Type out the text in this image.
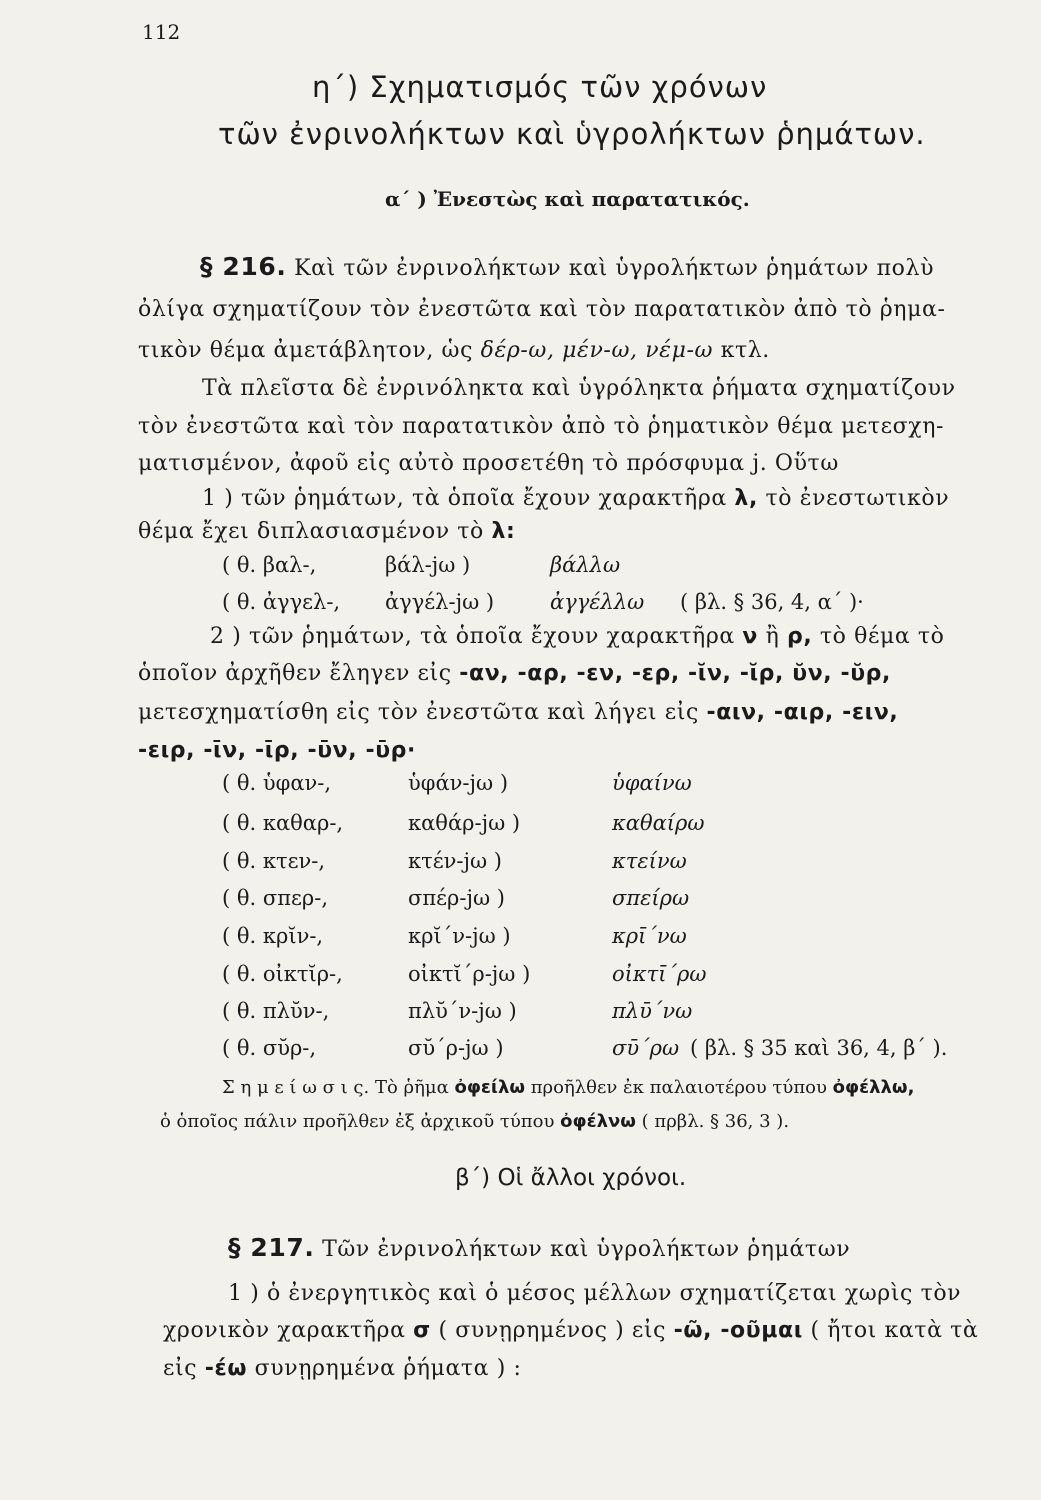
112
η΄) Σχηματισμός τῶν χρόνων
τῶν ἐνρινολήκτων καὶ ὑγρολήκτων ῥημάτων.
α΄ ) Ἐνεστὼς καὶ παρατατικός.
§ 216. Καὶ τῶν ἐνρινολήκτων καὶ ὑγρολήκτων ῥημάτων πολὺ
ὀλίγα σχηματίζουν τὸν ἐνεστῶτα καὶ τὸν παρατατικὸν ἀπὸ τὸ ῥημα-
τικὸν θέμα ἀμετάβλητον, ὡς δέρ-ω, μέν-ω, νέμ-ω κτλ.
Τὰ πλεῖστα δὲ ἐνρινόληκτα καὶ ὑγρόληκτα ῥήματα σχηματίζουν
τὸν ἐνεστῶτα καὶ τὸν παρατατικὸν ἀπὸ τὸ ῥηματικὸν θέμα μετεσχη-
ματισμένον, ἀφοῦ εἰς αὐτὸ προσετέθη τὸ πρόσφυμα j. Οὕτω
1 ) τῶν ῥημάτων, τὰ ὁποῖα ἔχουν χαρακτῆρα λ, τὸ ἐνεστωτικὸν
θέμα ἔχει διπλασιασμένον τὸ λ:
( θ. βαλ-,	βάλ-jω )	βάλλω
( θ. ἀγγελ-, ἀγγέλ-jω )	ἀγγέλλω ( βλ. § 36, 4, α΄ )·
2 ) τῶν ῥημάτων, τὰ ὁποῖα ἔχουν χαρακτῆρα ν ἢ ρ, τὸ θέμα τὸ
ὁποῖον ἀρχῆθεν ἔληγεν εἰς -αν, -αρ, -εν, -ερ, -ῐν, -ῐρ, ῠν, -ῠρ,
μετεσχηματίσθη εἰς τὸν ἐνεστῶτα καὶ λήγει εἰς -αιν, -αιρ, -ειν,
-ειρ, -ῑν, -ῑρ, -ῡν, -ῡρ·
( θ. ὑφαν-,	ὑφάν-jω )	ὑφαίνω
( θ. καθαρ-,	καθάρ-jω )	καθαίρω
( θ. κτεν-,	κτέν-jω )	κτείνω
( θ. σπερ-,	σπέρ-jω )	σπείρω
( θ. κρῐν-,	κρῐ΄ν-jω )	κρῑ΄νω
( θ. οἰκτῐρ-,	οἰκτῐ΄ρ-jω )	οἰκτῑ΄ρω
( θ. πλῠν-,	πλῠ΄ν-jω )	πλῡ΄νω
( θ. σῠρ-,	σῠ΄ρ-jω )	σῡ΄ρω ( βλ. § 35 καὶ 36, 4, β΄ ).
Σ η μ ε ί ω σ ι ς. Τὸ ῥῆμα ὀφείλω προῆλθεν ἐκ παλαιοτέρου τύπου ὀφέλλω,
ὁ ὁποῖος πάλιν προῆλθεν ἐξ ἀρχικοῦ τύπου ὀφέλνω ( πρβλ. § 36, 3 ).
β΄) Οἱ ἄλλοι χρόνοι.
§ 217. Τῶν ἐνρινολήκτων καὶ ὑγρολήκτων ῥημάτων
1 ) ὁ ἐνεργητικὸς καὶ ὁ μέσος μέλλων σχηματίζεται χωρὶς τὸν
χρονικὸν χαρακτῆρα σ ( συνῃρημένος ) εἰς -ῶ, -οῦμαι ( ἤτοι κατὰ τὰ
εἰς -έω συνῃρημένα ῥήματα ) :
